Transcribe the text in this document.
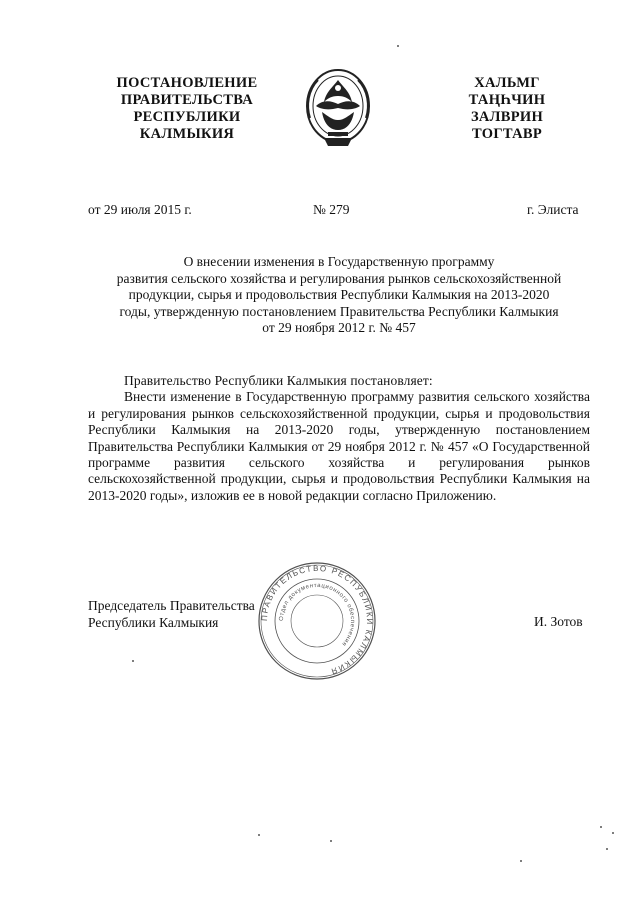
ПОСТАНОВЛЕНИЕ
ПРАВИТЕЛЬСТВА
РЕСПУБЛИКИ
КАЛМЫКИЯ
ХАЛЬМГ
ТАҢҺЧИН
ЗАЛВРИН
ТОГТАВР
от 29 июля 2015 г.	№ 279	г. Элиста
О внесении изменения в Государственную программу
развития сельского хозяйства и регулирования рынков сельскохозяйственной
продукции, сырья и продовольствия Республики Калмыкия на 2013-2020
годы, утвержденную постановлением Правительства Республики Калмыкия
от 29 ноября 2012 г. № 457

Правительство Республики Калмыкия постановляет:

Внести изменение в Государственную программу развития сельского хозяйства и регулирования рынков сельскохозяйственной продукции, сырья и продовольствия Республики Калмыкия на 2013-2020 годы, утвержденную постановлением Правительства Республики Калмыкия от 29 ноября 2012 г. № 457 «О Государственной программе развития сельского хозяйства и регулирования рынков сельскохозяйственной продукции, сырья и продовольствия Республики Калмыкия на 2013-2020 годы», изложив ее в новой редакции согласно Приложению.

Председатель Правительства
Республики Калмыкия	И. Зотов
ПРАВИТЕЛЬСТВО РЕСПУБЛИКИ КАЛМЫКИЯ
Отдел документационного обеспечения
